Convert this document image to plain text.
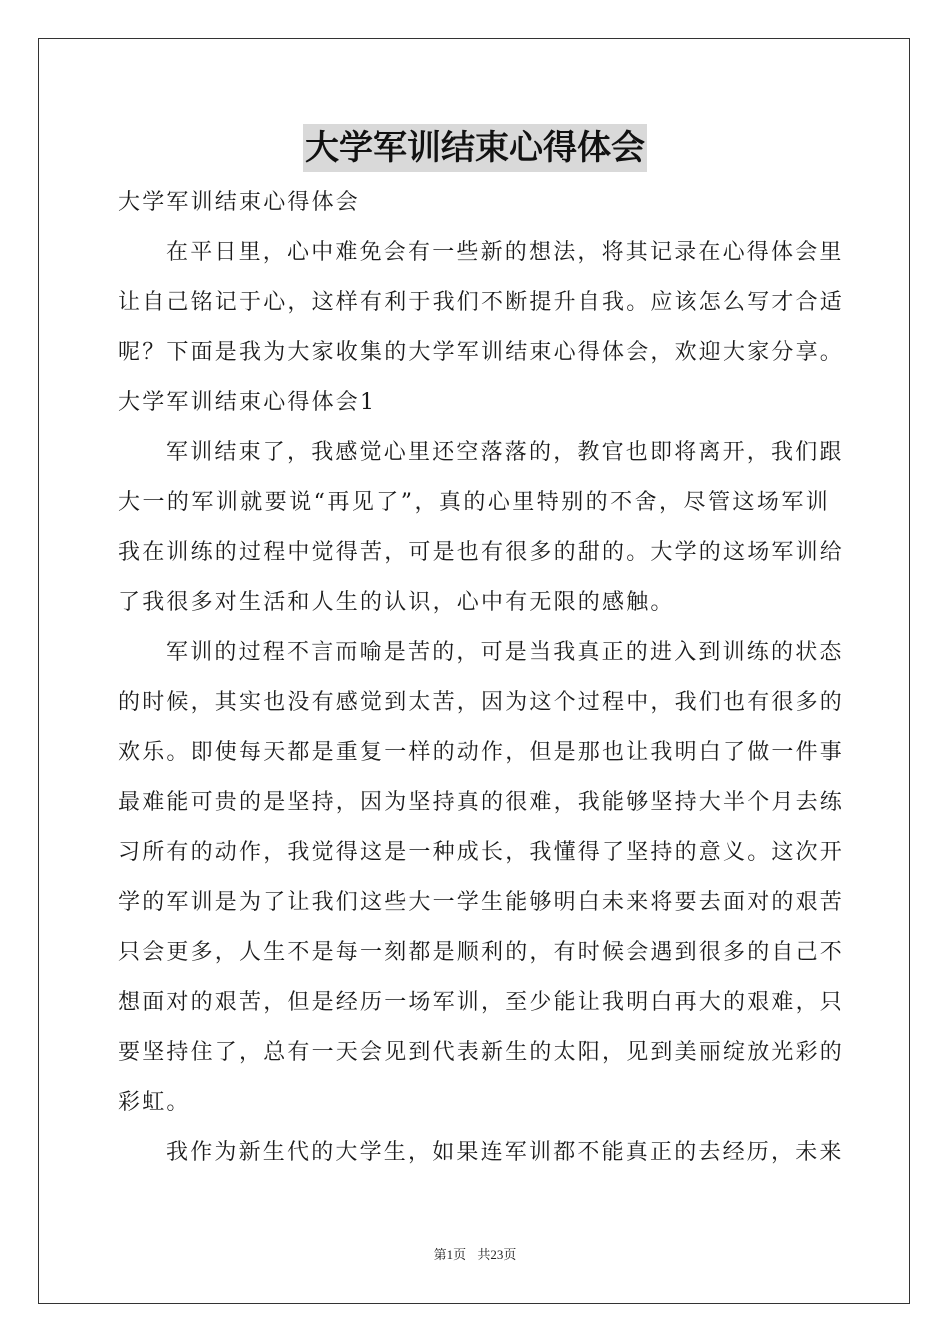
大学军训结束心得体会
大学军训结束心得体会
在平日里，心中难免会有一些新的想法，将其记录在心得体会里
让自己铭记于心，这样有利于我们不断提升自我。应该怎么写才合适
呢？下面是我为大家收集的大学军训结束心得体会，欢迎大家分享。
大学军训结束心得体会1
军训结束了，我感觉心里还空落落的，教官也即将离开，我们跟
大一的军训就要说“再见了”，真的心里特别的不舍，尽管这场军训
我在训练的过程中觉得苦，可是也有很多的甜的。大学的这场军训给
了我很多对生活和人生的认识，心中有无限的感触。
军训的过程不言而喻是苦的，可是当我真正的进入到训练的状态
的时候，其实也没有感觉到太苦，因为这个过程中，我们也有很多的
欢乐。即使每天都是重复一样的动作，但是那也让我明白了做一件事
最难能可贵的是坚持，因为坚持真的很难，我能够坚持大半个月去练
习所有的动作，我觉得这是一种成长，我懂得了坚持的意义。这次开
学的军训是为了让我们这些大一学生能够明白未来将要去面对的艰苦
只会更多，人生不是每一刻都是顺利的，有时候会遇到很多的自己不
想面对的艰苦，但是经历一场军训，至少能让我明白再大的艰难，只
要坚持住了，总有一天会见到代表新生的太阳，见到美丽绽放光彩的
彩虹。
我作为新生代的大学生，如果连军训都不能真正的去经历，未来
第1页 共23页
